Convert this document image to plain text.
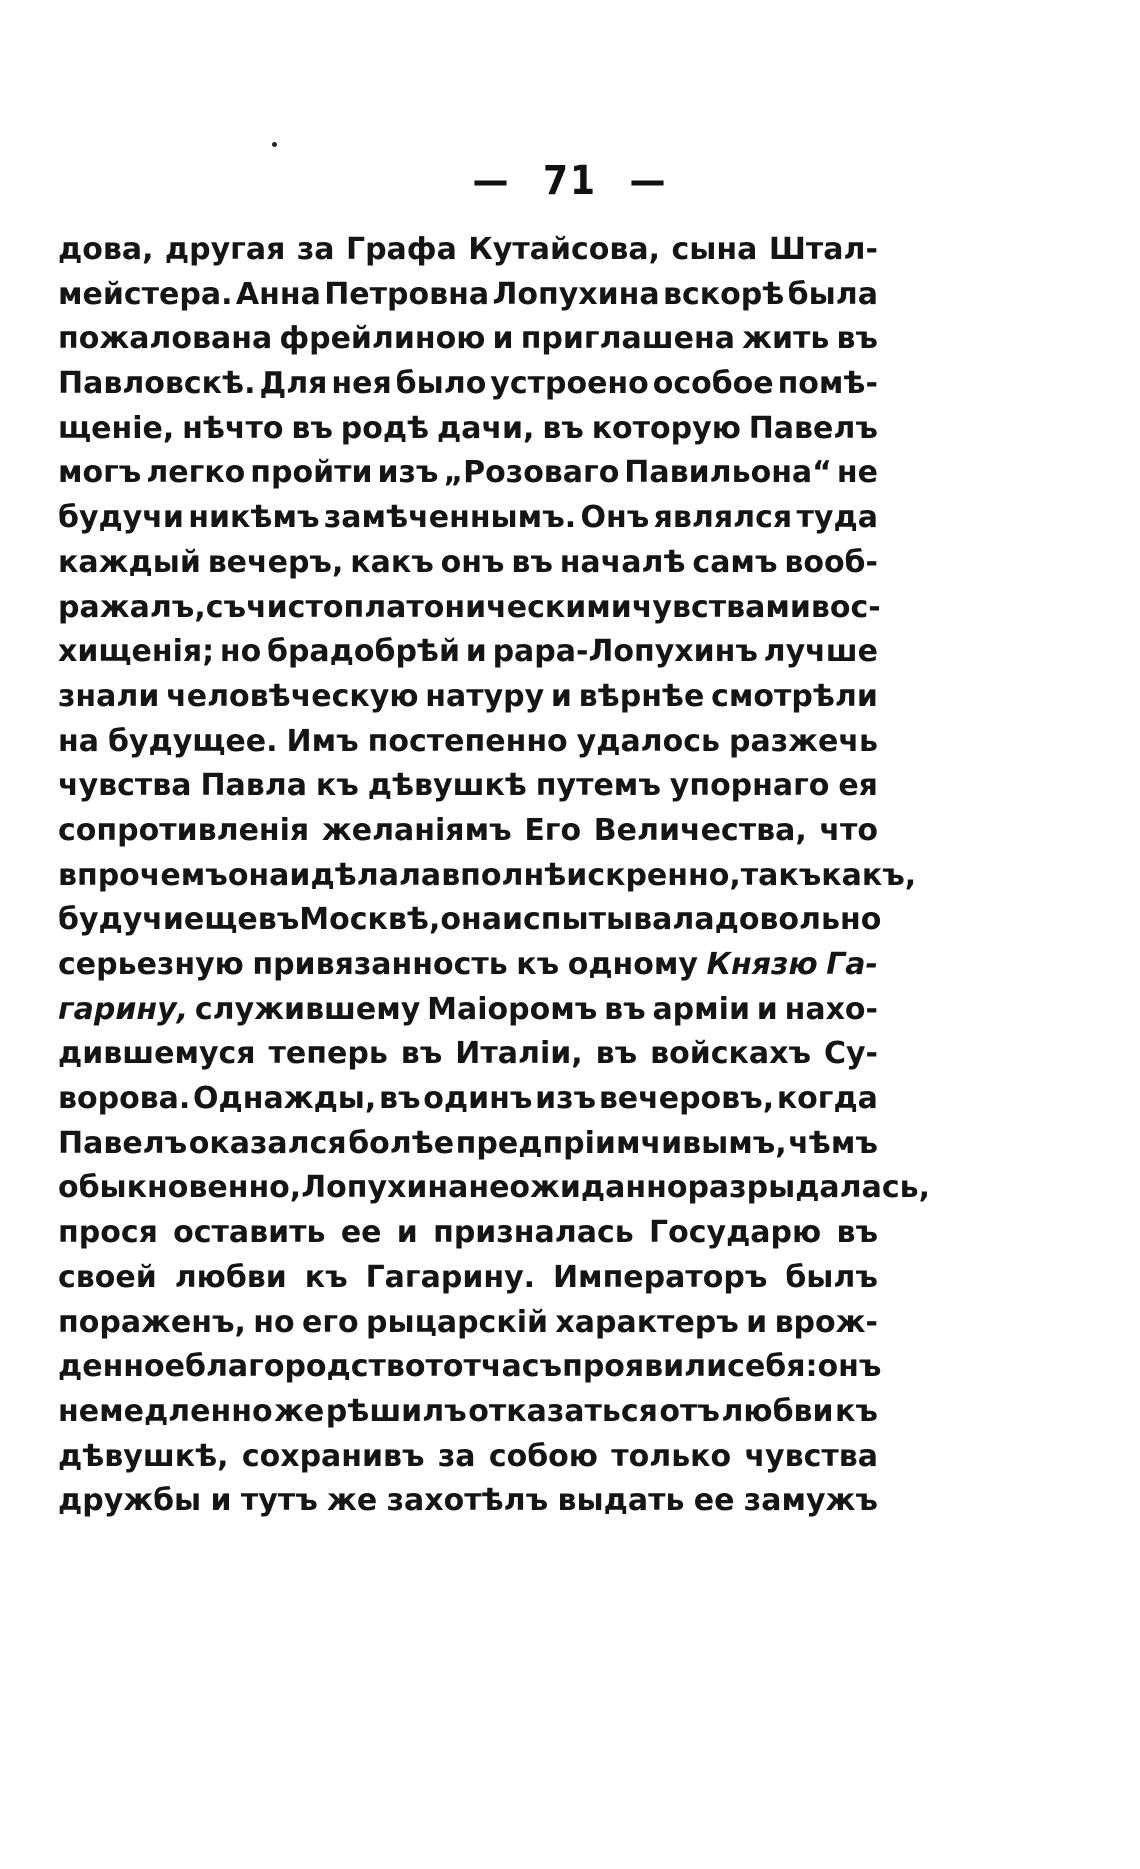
— 71 —
дова, другая за Графа Кутайсова, сына Штал-
мейстера. Анна Петровна Лопухина вскорѣ была
пожалована фрейлиною и приглашена жить въ
Павловскѣ. Для нея было устроено особое помѣ-
щеніе, нѣчто въ родѣ дачи, въ которую Павелъ
могъ легко пройти изъ „Розоваго Павильона“ не
будучи никѣмъ замѣченнымъ. Онъ являлся туда
каждый вечеръ, какъ онъ въ началѣ самъ вооб-
ражалъ, съ чисто платоническими чувствами вос-
хищенія; но брадобрѣй и papa-Лопухинъ лучше
знали человѣческую натуру и вѣрнѣе смотрѣли
на будущее. Имъ постепенно удалось разжечь
чувства Павла къ дѣвушкѣ путемъ упорнаго ея
сопротивленія желаніямъ Его Величества, что
впрочемъ она и дѣлала вполнѣ искренно, такъ какъ,
будучи еще въ Москвѣ, она испытывала довольно
серьезную привязанность къ одному Князю Га-
гарину, служившему Маіоромъ въ арміи и нахо-
дившемуся теперь въ Италіи, въ войскахъ Су-
ворова. Однажды, въ одинъ изъ вечеровъ, когда
Павелъ оказался болѣе предпріимчивымъ, чѣмъ
обыкновенно, Лопухина неожиданно разрыдалась,
прося оставить ее и призналась Государю въ
своей любви къ Гагарину. Императоръ былъ
пораженъ, но его рыцарскій характеръ и врож-
денное благородство тотчасъ проявили себя: онъ
немедленно же рѣшилъ отказаться отъ любви къ
дѣвушкѣ, сохранивъ за собою только чувства
дружбы и тутъ же захотѣлъ выдать ее замужъ
